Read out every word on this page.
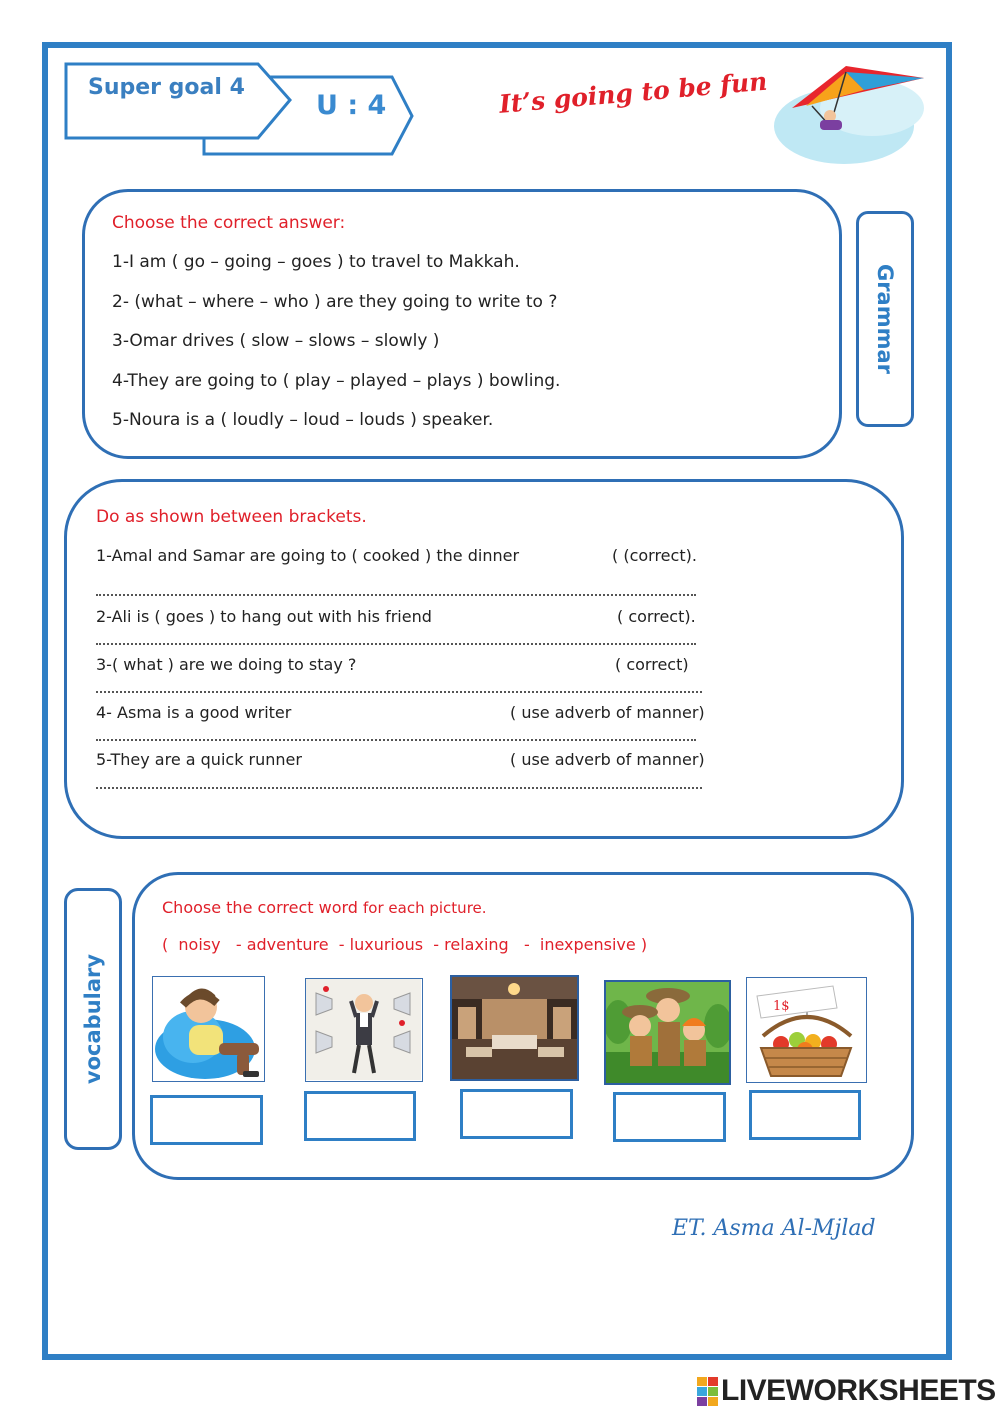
Super goal 4
U : 4	It’s going to be fun
Choose the correct answer:
1-I am ( go – going – goes ) to travel to Makkah.
2- (what – where – who ) are they going to write to ?
3-Omar drives ( slow – slows – slowly )
4-They are going to ( play – played – plays ) bowling.
5-Noura is a ( loudly – loud – louds ) speaker.
Grammar
Do as shown between brackets.
1-Amal and Samar are going to ( cooked ) the dinner	( (correct).
2-Ali is ( goes ) to hang out with his friend	( correct).
3-( what ) are we doing to stay ?	( correct)
4- Asma is a good writer	( use adverb of manner)
5-They are a quick runner	( use adverb of manner)
vocabulary
Choose the correct word for each picture.
(  noisy   - adventure  - luxurious  - relaxing   -  inexpensive )
1$
ET. Asma Al-Mjlad
LIVEWORKSHEETS
